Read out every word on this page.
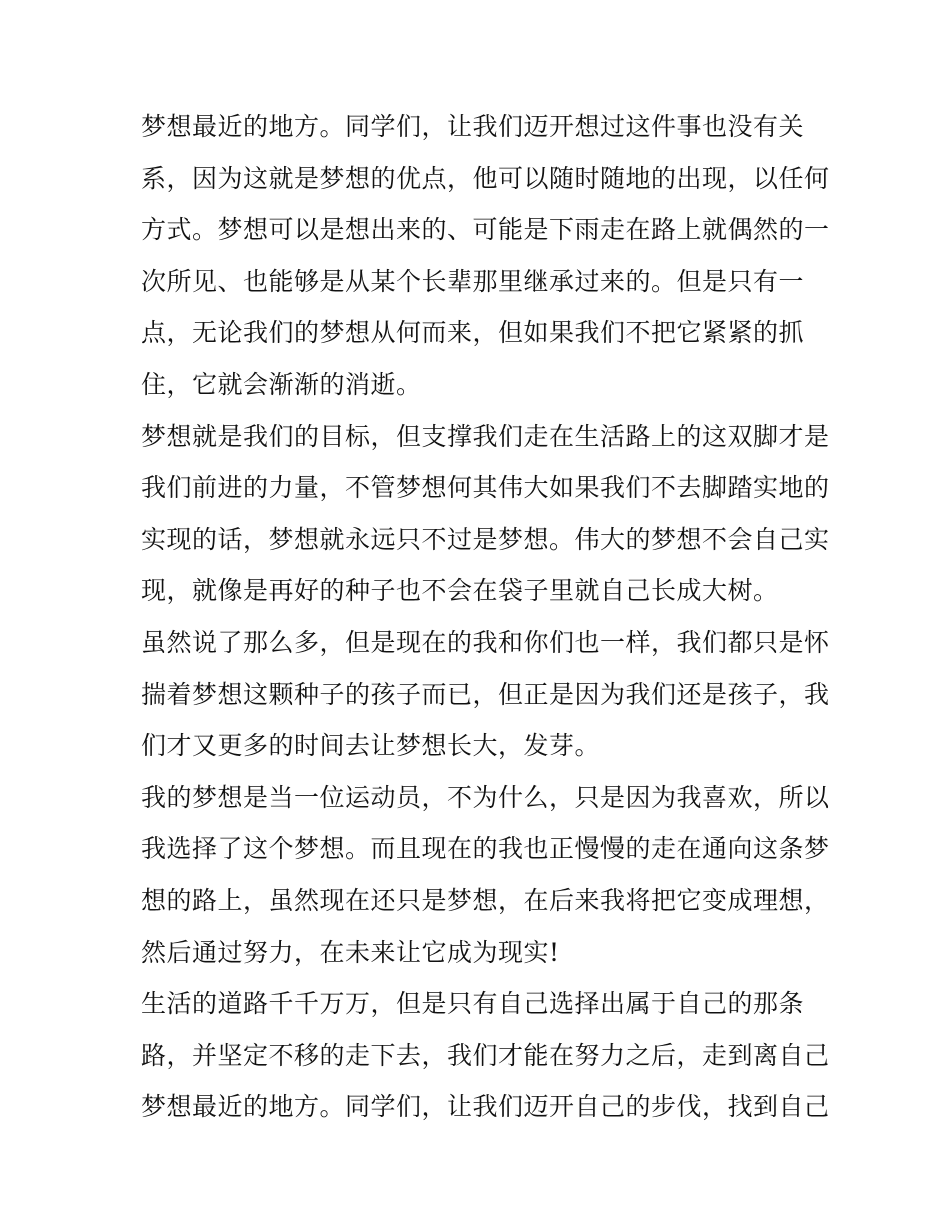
梦想最近的地方。同学们，让我们迈开想过这件事也没有关
系，因为这就是梦想的优点，他可以随时随地的出现，以任何
方式。梦想可以是想出来的、可能是下雨走在路上就偶然的一
次所见、也能够是从某个长辈那里继承过来的。但是只有一
点，无论我们的梦想从何而来，但如果我们不把它紧紧的抓
住，它就会渐渐的消逝。
梦想就是我们的目标，但支撑我们走在生活路上的这双脚才是
我们前进的力量，不管梦想何其伟大如果我们不去脚踏实地的
实现的话，梦想就永远只不过是梦想。伟大的梦想不会自己实
现，就像是再好的种子也不会在袋子里就自己长成大树。
虽然说了那么多，但是现在的我和你们也一样，我们都只是怀
揣着梦想这颗种子的孩子而已，但正是因为我们还是孩子，我
们才又更多的时间去让梦想长大，发芽。
我的梦想是当一位运动员，不为什么，只是因为我喜欢，所以
我选择了这个梦想。而且现在的我也正慢慢的走在通向这条梦
想的路上，虽然现在还只是梦想，在后来我将把它变成理想，
然后通过努力，在未来让它成为现实!
生活的道路千千万万，但是只有自己选择出属于自己的那条
路，并坚定不移的走下去，我们才能在努力之后，走到离自己
梦想最近的地方。同学们，让我们迈开自己的步伐，找到自己
